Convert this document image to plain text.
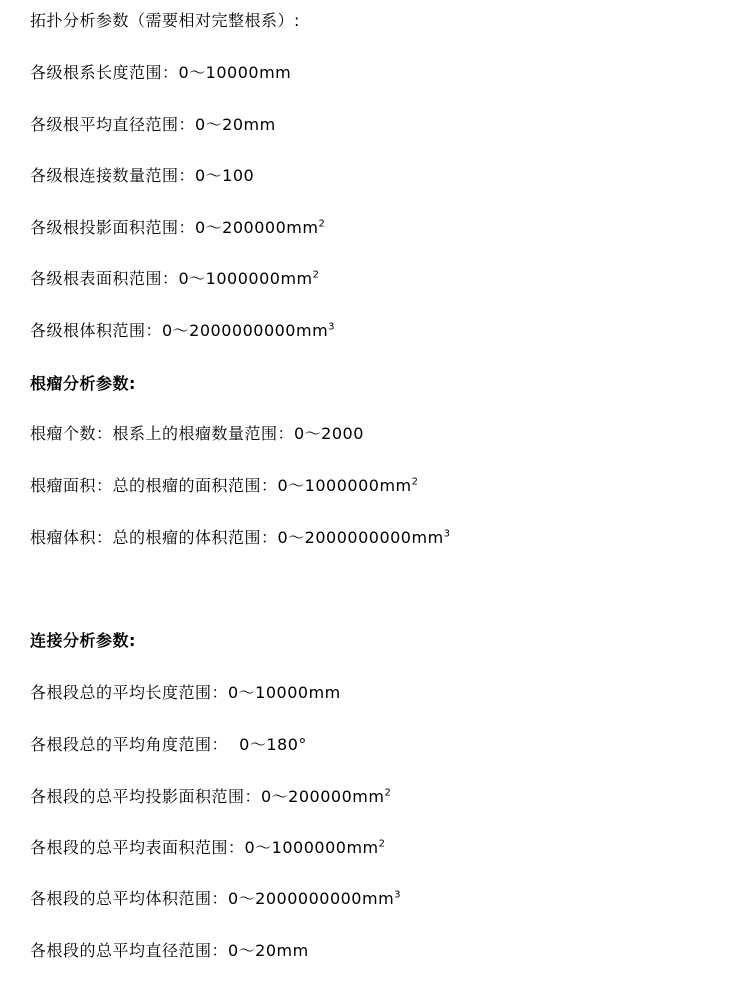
拓扑分析参数（需要相对完整根系）:
各级根系长度范围：0～10000mm
各级根平均直径范围：0～20mm
各级根连接数量范围：0～100
各级根投影面积范围：$0\sim 200000mm^2$
各级根表面积范围：$0\sim 1000000mm^2$
各级根体积范围：$0\sim 2000000000mm^3$
根瘤分析参数:
根瘤个数：根系上的根瘤数量范围：0～2000
根瘤面积：总的根瘤的面积范围：$0\sim 1000000mm^2$
根瘤体积：总的根瘤的体积范围：$0\sim 2000000000mm^3$
连接分析参数:
各根段总的平均长度范围：0～10000mm
各根段总的平均角度范围：  0～180°
各根段的总平均投影面积范围：$0\sim 200000mm^2$
各根段的总平均表面积范围：$0\sim 1000000mm^2$
各根段的总平均体积范围：$0\sim 2000000000mm^3$
各根段的总平均直径范围：0～20mm
